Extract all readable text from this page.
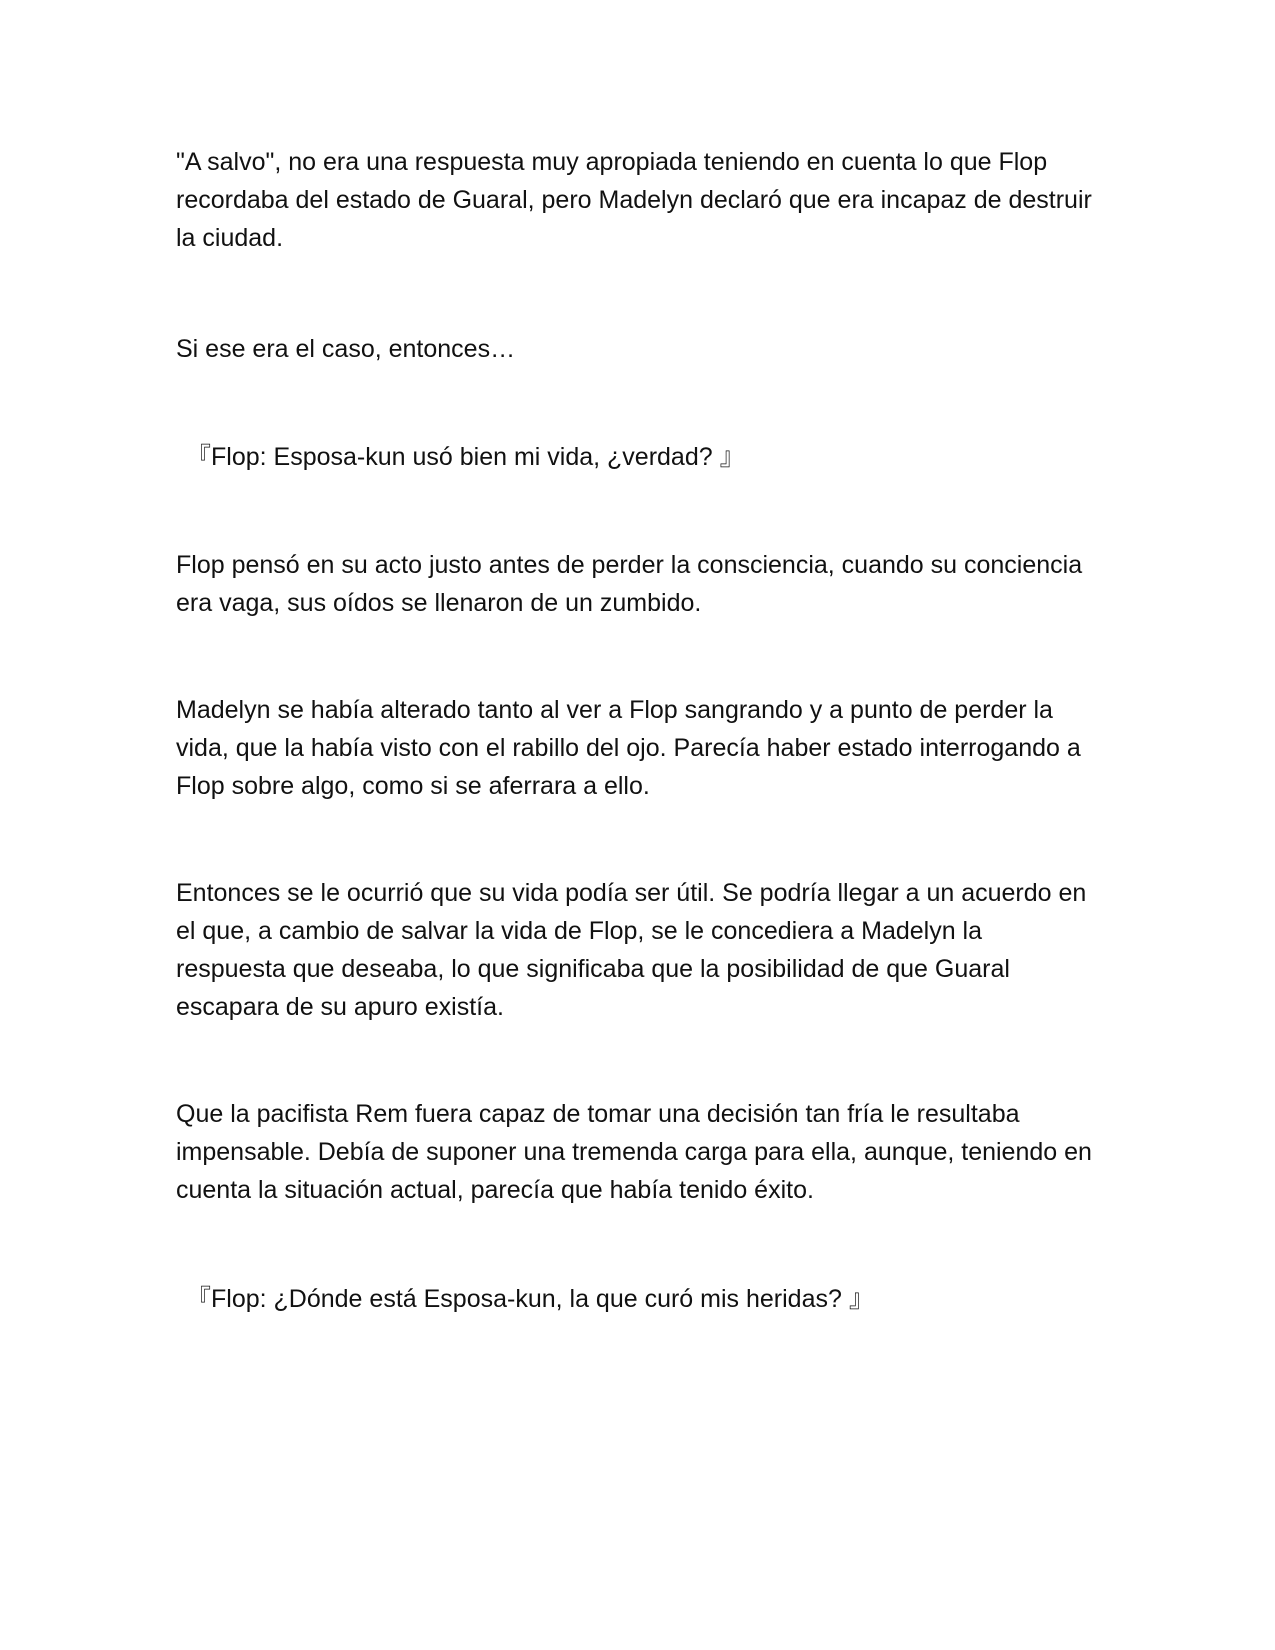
"A salvo", no era una respuesta muy apropiada teniendo en cuenta lo que Flop recordaba del estado de Guaral, pero Madelyn declaró que era incapaz de destruir la ciudad.

Si ese era el caso, entonces…

『Flop: Esposa-kun usó bien mi vida, ¿verdad? 』

Flop pensó en su acto justo antes de perder la consciencia, cuando su conciencia era vaga, sus oídos se llenaron de un zumbido.

Madelyn se había alterado tanto al ver a Flop sangrando y a punto de perder la vida, que la había visto con el rabillo del ojo. Parecía haber estado interrogando a Flop sobre algo, como si se aferrara a ello.

Entonces se le ocurrió que su vida podía ser útil. Se podría llegar a un acuerdo en el que, a cambio de salvar la vida de Flop, se le concediera a Madelyn la respuesta que deseaba, lo que significaba que la posibilidad de que Guaral escapara de su apuro existía.

Que la pacifista Rem fuera capaz de tomar una decisión tan fría le resultaba impensable. Debía de suponer una tremenda carga para ella, aunque, teniendo en cuenta la situación actual, parecía que había tenido éxito.

『Flop: ¿Dónde está Esposa-kun, la que curó mis heridas? 』
